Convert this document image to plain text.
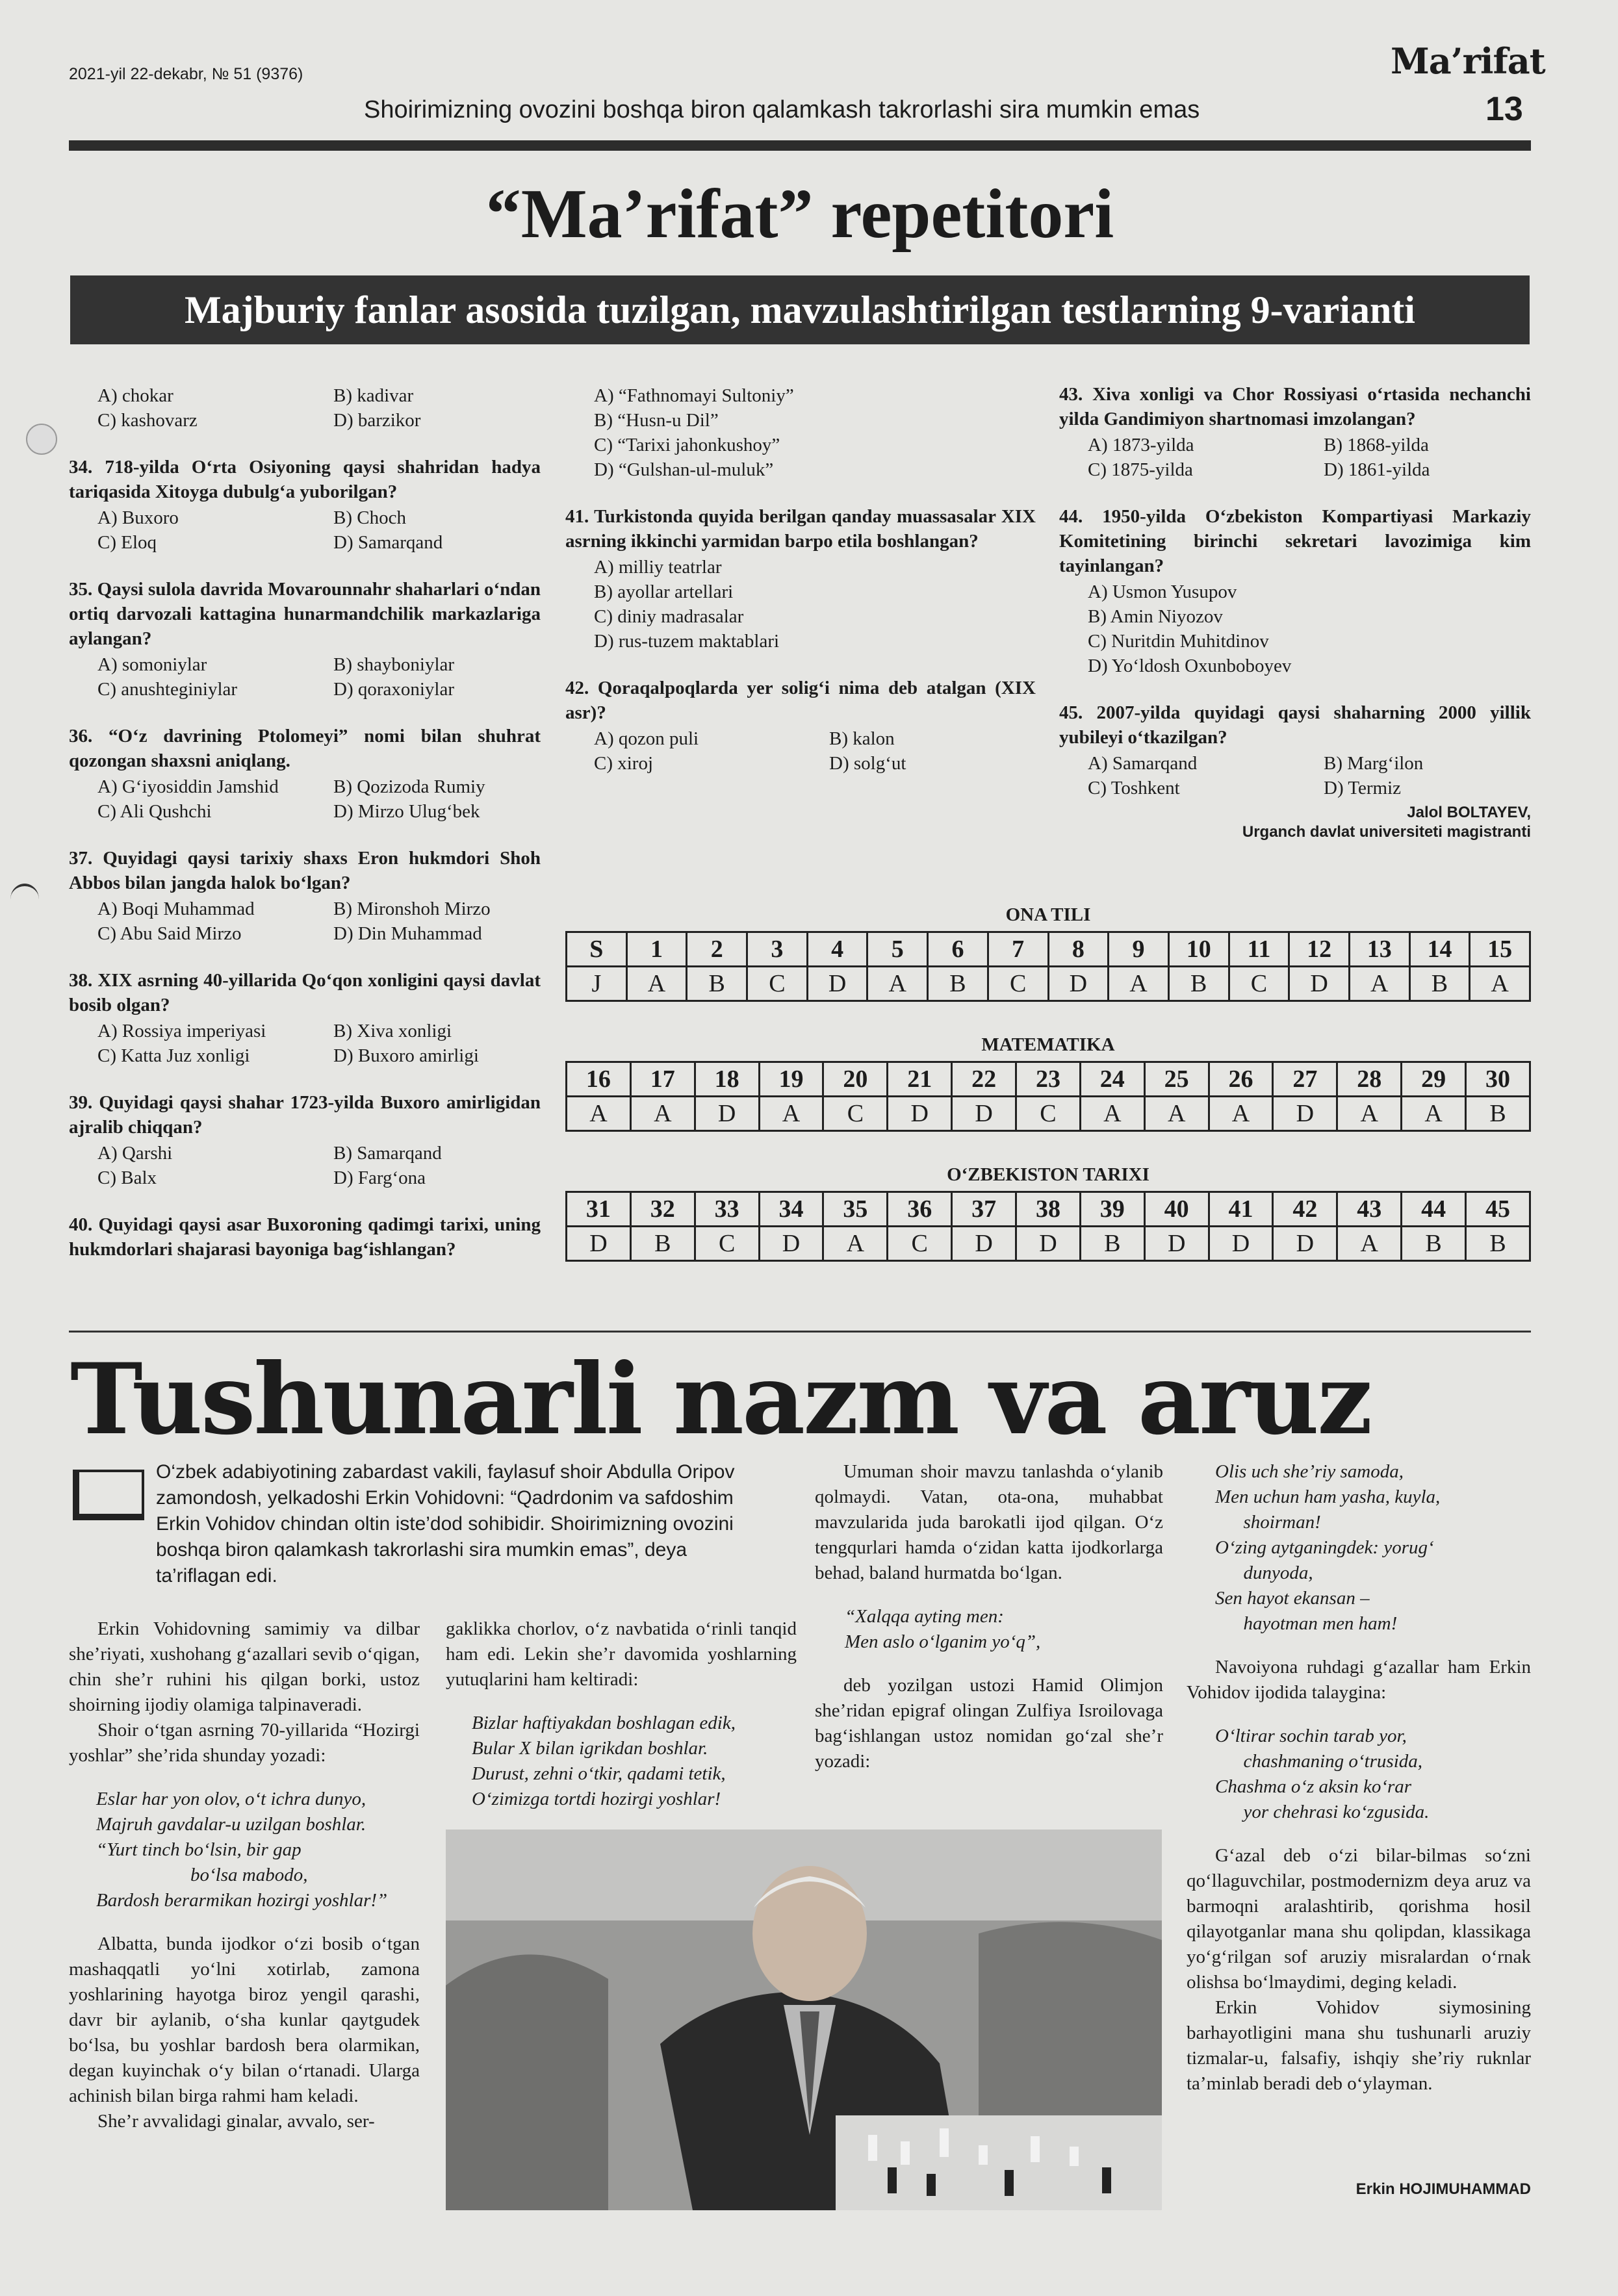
2021-yil 22-dekabr, № 51 (9376)	Ma’rifat
Shoirimizning ovozini boshqa biron qalamkash takrorlashi sira mumkin emas	13
“Ma’rifat” repetitori
Majburiy fanlar asosida tuzilgan, mavzulashtirilgan testlarning 9-varianti
A) chokar	B) kadivar
C) kashovarz	D) barzikor

34. 718-yilda O‘rta Osiyoning qaysi shahridan hadya tariqasida Xitoyga dubulg‘a yuborilgan?

A) Buxoro	B) Choch
C) Eloq	D) Samarqand

35. Qaysi sulola davrida Movarounnahr shaharlari o‘ndan ortiq darvozali kattagina hunarmandchilik markazlariga aylangan?

A) somoniylar	B) shayboniylar
C) anushteginiylar	D) qoraxoniylar

36. “O‘z davrining Ptolomeyi” nomi bilan shuhrat qozongan shaxsni aniqlang.

A) G‘iyosiddin Jamshid	B) Qozizoda Rumiy
C) Ali Qushchi	D) Mirzo Ulug‘bek

37. Quyidagi qaysi tarixiy shaxs Eron hukmdori Shoh Abbos bilan jangda halok bo‘lgan?

A) Boqi Muhammad	B) Mironshoh Mirzo
C) Abu Said Mirzo	D) Din Muhammad

38. XIX asrning 40-yillarida Qo‘qon xonligini qaysi davlat bosib olgan?

A) Rossiya imperiyasi	B) Xiva xonligi
C) Katta Juz xonligi	D) Buxoro amirligi

39. Quyidagi qaysi shahar 1723-yilda Buxoro amirligidan ajralib chiqqan?

A) Qarshi	B) Samarqand
C) Balx	D) Farg‘ona

40. Quyidagi qaysi asar Buxoroning qadimgi tarixi, uning hukmdorlari shajarasi bayoniga bag‘ishlangan?

A) “Fathnomayi Sultoniy”
B) “Husn-u Dil”
C) “Tarixi jahonkushoy”
D) “Gulshan-ul-muluk”

41. Turkistonda quyida berilgan qanday muassasalar XIX asrning ikkinchi yarmidan barpo etila boshlangan?

A) milliy teatrlar
B) ayollar artellari
C) diniy madrasalar
D) rus-tuzem maktablari

42. Qoraqalpoqlarda yer solig‘i nima deb atalgan (XIX asr)?

A) qozon puli	B) kalon
C) xiroj	D) solg‘ut

43. Xiva xonligi va Chor Rossiyasi o‘rtasida nechanchi yilda Gandimiyon shartnomasi imzolangan?

A) 1873-yilda	B) 1868-yilda
C) 1875-yilda	D) 1861-yilda

44. 1950-yilda O‘zbekiston Kompartiyasi Markaziy Komitetining birinchi sekretari lavozimiga kim tayinlangan?

A) Usmon Yusupov
B) Amin Niyozov
C) Nuritdin Muhitdinov
D) Yo‘ldosh Oxunboboyev

45. 2007-yilda quyidagi qaysi shaharning 2000 yillik yubileyi o‘tkazilgan?

A) Samarqand	B) Marg‘ilon
C) Toshkent	D) Termiz
Jalol BOLTAYEV,
Urganch davlat universiteti magistranti
ONA TILI
S	1	2	3	4	5	6	7	8	9	10	11	12	13	14	15
J	A	B	C	D	A	B	C	D	A	B	C	D	A	B	A
MATEMATIKA
16	17	18	19	20	21	22	23	24	25	26	27	28	29	30
A	A	D	A	C	D	D	C	A	A	A	D	A	A	B
O‘ZBEKISTON TARIXI
31	32	33	34	35	36	37	38	39	40	41	42	43	44	45
D	B	C	D	A	C	D	D	B	D	D	D	A	B	B
Tushunarli nazm va aruz
O‘zbek adabiyotining zabardast vakili, faylasuf shoir Abdulla Oripov zamondosh, yelkadoshi Erkin Vohidovni: “Qadrdonim va safdoshim Erkin Vohidov chindan oltin iste’dod sohibidir. Shoirimizning ovozini boshqa biron qalamkash takrorlashi sira mumkin emas”, deya ta’riflagan edi.

Erkin Vohidovning samimiy va dilbar she’riyati, xushohang g‘azallari sevib o‘qigan, chin she’r ruhini his qilgan borki, ustoz shoirning ijodiy olamiga talpinaveradi.

Shoir o‘tgan asrning 70-yillarida “Hozirgi yoshlar” she’rida shunday yozadi:

Eslar har yon olov, o‘t ichra dunyo,
Majruh gavdalar-u uzilgan boshlar.
“Yurt tinch bo‘lsin, bir gap
bo‘lsa mabodo,
Bardosh berarmikan hozirgi yoshlar!”

Albatta, bunda ijodkor o‘zi bosib o‘tgan mashaqqatli yo‘lni xotirlab, zamona yoshlarining hayotga biroz yengil qarashi, davr bir aylanib, o‘sha kunlar qaytgudek bo‘lsa, bu yoshlar bardosh bera olarmikan, degan kuyinchak o‘y bilan o‘rtanadi. Ularga achinish bilan birga rahmi ham keladi.

She’r avvalidagi ginalar, avvalo, ser-

gaklikka chorlov, o‘z navbatida o‘rinli tanqid ham edi. Lekin she’r davomida yoshlarning yutuqlarini ham keltiradi:

Bizlar haftiyakdan boshlagan edik,
Bular X bilan igrikdan boshlar.
Durust, zehni o‘tkir, qadami tetik,
O‘zimizga tortdi hozirgi yoshlar!

Umuman shoir mavzu tanlashda o‘ylanib qolmaydi. Vatan, ota-ona, muhabbat mavzularida juda barokatli ijod qilgan. O‘z tengqurlari hamda o‘zidan katta ijodkorlarga behad, baland hurmatda bo‘lgan.

“Xalqqa ayting men:
Men aslo o‘lganim yo‘q”,

deb yozilgan ustozi Hamid Olimjon she’ridan epigraf olingan Zulfiya Isroilovaga bag‘ishlangan ustoz nomidan go‘zal she’r yozadi:

Olis uch she’riy samoda,
Men uchun ham yasha, kuyla,
shoirman!
O‘zing aytganingdek: yorug‘
dunyoda,
Sen hayot ekansan –
hayotman men ham!

Navoiyona ruhdagi g‘azallar ham Erkin Vohidov ijodida talayginа:

O‘ltirar sochin tarab yor,
chashmaning o‘trusida,
Chashma o‘z aksin ko‘rar
yor chehrasi ko‘zgusida.

G‘azal deb o‘zi bilar-bilmas so‘zni qo‘llaguvchilar, postmodernizm deya aruz va barmoqni aralashtirib, qorishma hosil qilayotganlar mana shu qolipdan, klassikaga yo‘g‘rilgan sof aruziy misralardan o‘rnak olishsa bo‘lmaydimi, deging keladi.

Erkin Vohidov siymosining barhayotligini mana shu tushunarli aruziy tizmalar-u, falsafiy, ishqiy she’riy ruknlar ta’minlab beradi deb o‘ylayman.

Erkin HOJIMUHAMMAD
